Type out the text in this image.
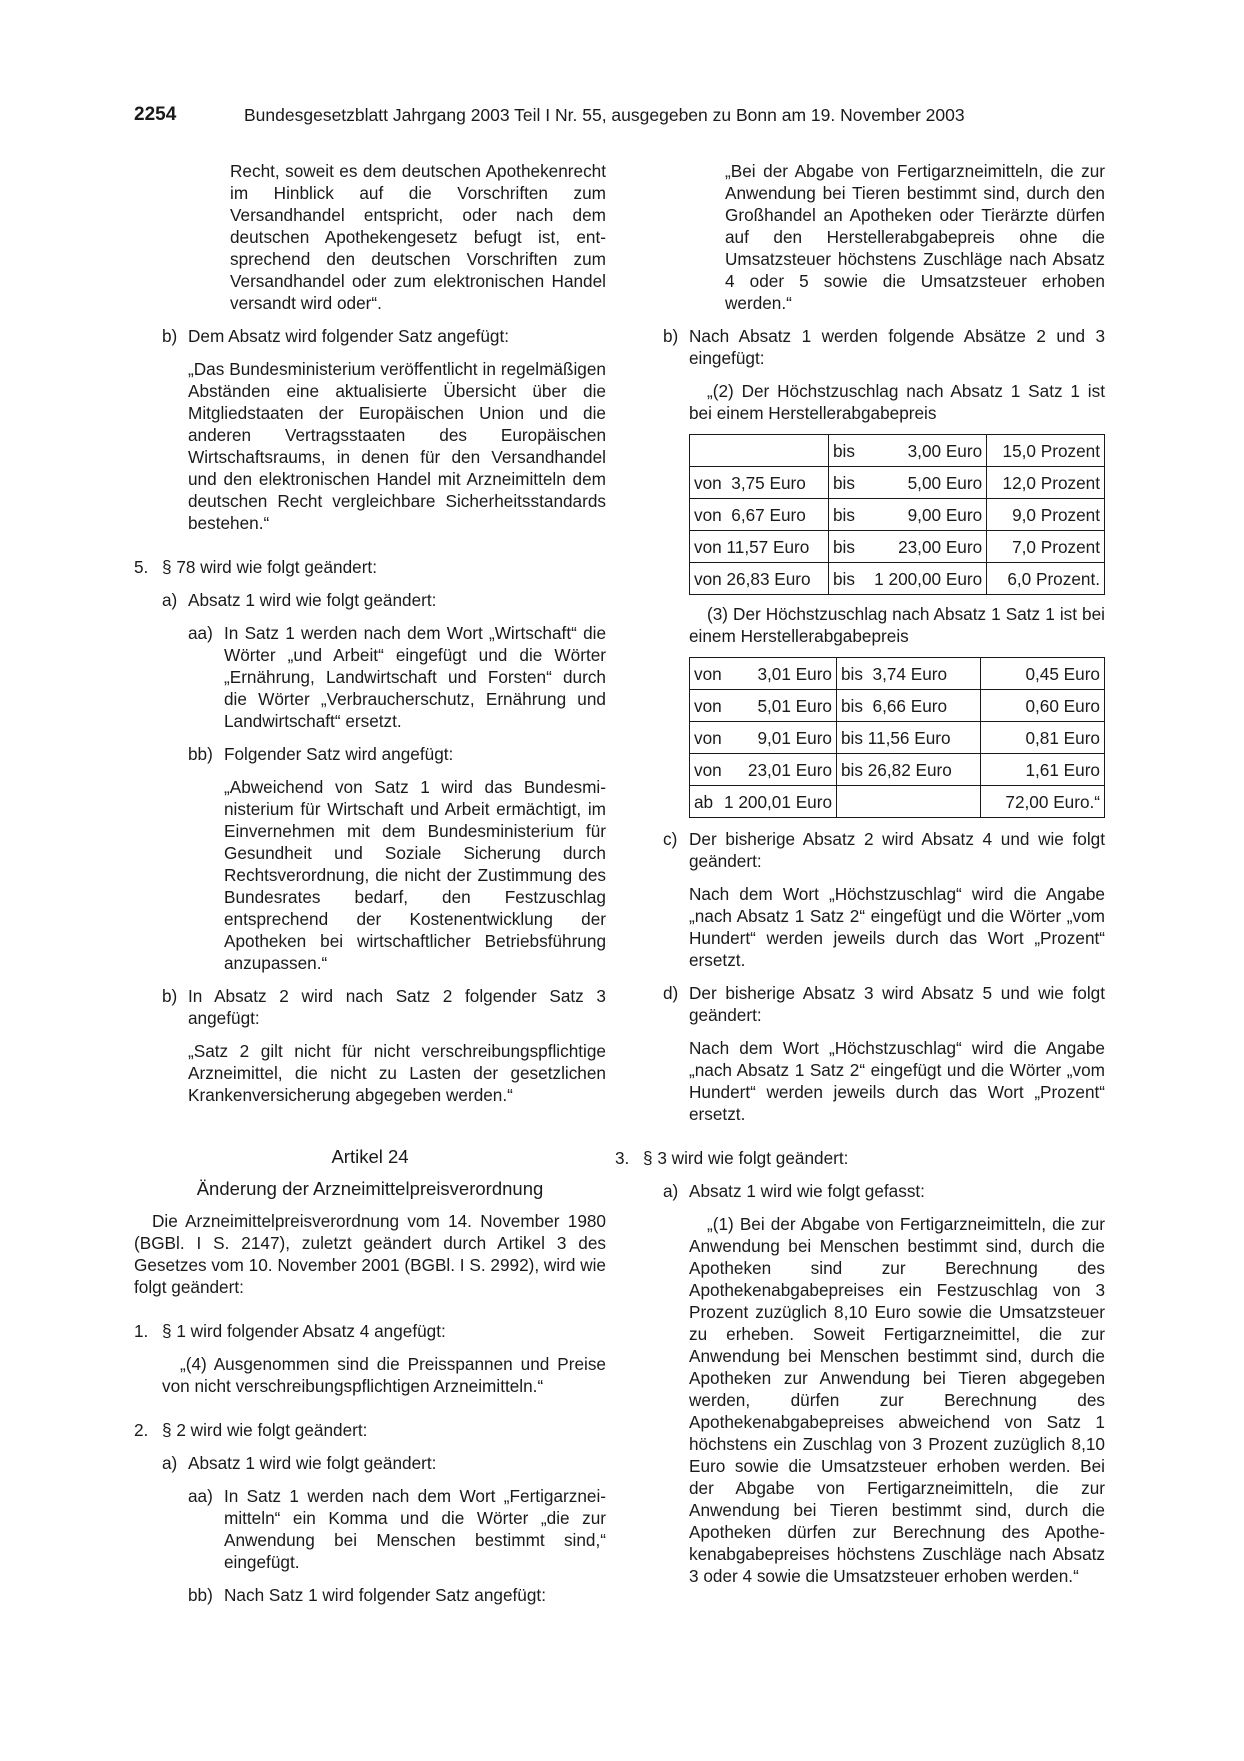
2254	Bundesgesetzblatt Jahrgang 2003 Teil I Nr. 55, ausgegeben zu Bonn am 19. November 2003

Recht, soweit es dem deutschen Apothekenrecht im Hinblick auf die Vorschriften zum Versandhandel entspricht, oder nach dem deutschen Apothekengesetz befugt ist, entsprechend den deutschen Vorschriften zum Versandhandel oder zum elektronischen Handel versandt wird oder“.

b) Dem Absatz wird folgender Satz angefügt:

„Das Bundesministerium veröffentlicht in regelmäßigen Abständen eine aktualisierte Übersicht über die Mitgliedstaaten der Europäischen Union und die anderen Vertragsstaaten des Europäischen Wirtschaftsraums, in denen für den Versandhandel und den elektronischen Handel mit Arzneimitteln dem deutschen Recht vergleichbare Sicherheitsstandards bestehen.“

5. § 78 wird wie folgt geändert:

a) Absatz 1 wird wie folgt geändert:

aa) In Satz 1 werden nach dem Wort „Wirtschaft“ die Wörter „und Arbeit“ eingefügt und die Wörter „Ernährung, Landwirtschaft und Forsten“ durch die Wörter „Verbraucherschutz, Ernährung und Landwirtschaft“ ersetzt.

bb) Folgender Satz wird angefügt:

„Abweichend von Satz 1 wird das Bundesministerium für Wirtschaft und Arbeit ermächtigt, im Einvernehmen mit dem Bundesministerium für Gesundheit und Soziale Sicherung durch Rechtsverordnung, die nicht der Zustimmung des Bundesrates bedarf, den Festzuschlag entsprechend der Kostenentwicklung der Apotheken bei wirtschaftlicher Betriebsführung anzupassen.“

b) In Absatz 2 wird nach Satz 2 folgender Satz 3 angefügt:

„Satz 2 gilt nicht für nicht verschreibungspflichtige Arzneimittel, die nicht zu Lasten der gesetzlichen Krankenversicherung abgegeben werden.“

Artikel 24

Änderung der Arzneimittelpreisverordnung

Die Arzneimittelpreisverordnung vom 14. November 1980 (BGBl. I S. 2147), zuletzt geändert durch Artikel 3 des Gesetzes vom 10. November 2001 (BGBl. I S. 2992), wird wie folgt geändert:

1. § 1 wird folgender Absatz 4 angefügt:

„(4) Ausgenommen sind die Preisspannen und Preise von nicht verschreibungspflichtigen Arzneimitteln.“

2. § 2 wird wie folgt geändert:

a) Absatz 1 wird wie folgt geändert:

aa) In Satz 1 werden nach dem Wort „Fertigarzneimitteln“ ein Komma und die Wörter „die zur Anwendung bei Menschen bestimmt sind,“ eingefügt.

bb) Nach Satz 1 wird folgender Satz angefügt:

„Bei der Abgabe von Fertigarzneimitteln, die zur Anwendung bei Tieren bestimmt sind, durch den Großhandel an Apotheken oder Tierärzte dürfen auf den Herstellerabgabepreis ohne die Umsatzsteuer höchstens Zuschläge nach Absatz 4 oder 5 sowie die Umsatzsteuer erhoben werden.“

b) Nach Absatz 1 werden folgende Absätze 2 und 3 eingefügt:

„(2) Der Höchstzuschlag nach Absatz 1 Satz 1 ist bei einem Herstellerabgabepreis

	bis 3,00 Euro	15,0 Prozent
von  3,75 Euro	bis 5,00 Euro	12,0 Prozent
von  6,67 Euro	bis 9,00 Euro	9,0 Prozent
von 11,57 Euro	bis 23,00 Euro	7,0 Prozent
von 26,83 Euro	bis 1 200,00 Euro	6,0 Prozent.

(3) Der Höchstzuschlag nach Absatz 1 Satz 1 ist bei einem Herstellerabgabepreis

von 3,01 Euro	bis  3,74 Euro	0,45 Euro

von 5,01 Euro	bis  6,66 Euro	0,60 Euro

von 9,01 Euro	bis 11,56 Euro	0,81 Euro

von 23,01 Euro	bis 26,82 Euro	1,61 Euro

ab 1 200,01 Euro		72,00 Euro.“
c) Der bisherige Absatz 2 wird Absatz 4 und wie folgt geändert:

Nach dem Wort „Höchstzuschlag“ wird die Angabe „nach Absatz 1 Satz 2“ eingefügt und die Wörter „vom Hundert“ werden jeweils durch das Wort „Prozent“ ersetzt.

d) Der bisherige Absatz 3 wird Absatz 5 und wie folgt geändert:

Nach dem Wort „Höchstzuschlag“ wird die Angabe „nach Absatz 1 Satz 2“ eingefügt und die Wörter „vom Hundert“ werden jeweils durch das Wort „Prozent“ ersetzt.

3. § 3 wird wie folgt geändert:

a) Absatz 1 wird wie folgt gefasst:

„(1) Bei der Abgabe von Fertigarzneimitteln, die zur Anwendung bei Menschen bestimmt sind, durch die Apotheken sind zur Berechnung des Apothekenabgabepreises ein Festzuschlag von 3 Prozent zuzüglich 8,10 Euro sowie die Umsatzsteuer zu erheben. Soweit Fertigarzneimittel, die zur Anwendung bei Menschen bestimmt sind, durch die Apotheken zur Anwendung bei Tieren abgegeben werden, dürfen zur Berechnung des Apothekenabgabepreises abweichend von Satz 1 höchstens ein Zuschlag von 3 Prozent zuzüglich 8,10 Euro sowie die Umsatzsteuer erhoben werden. Bei der Abgabe von Fertigarzneimitteln, die zur Anwendung bei Tieren bestimmt sind, durch die Apotheken dürfen zur Berechnung des Apothekenabgabepreises höchstens Zuschläge nach Absatz 3 oder 4 sowie die Umsatzsteuer erhoben werden.“
